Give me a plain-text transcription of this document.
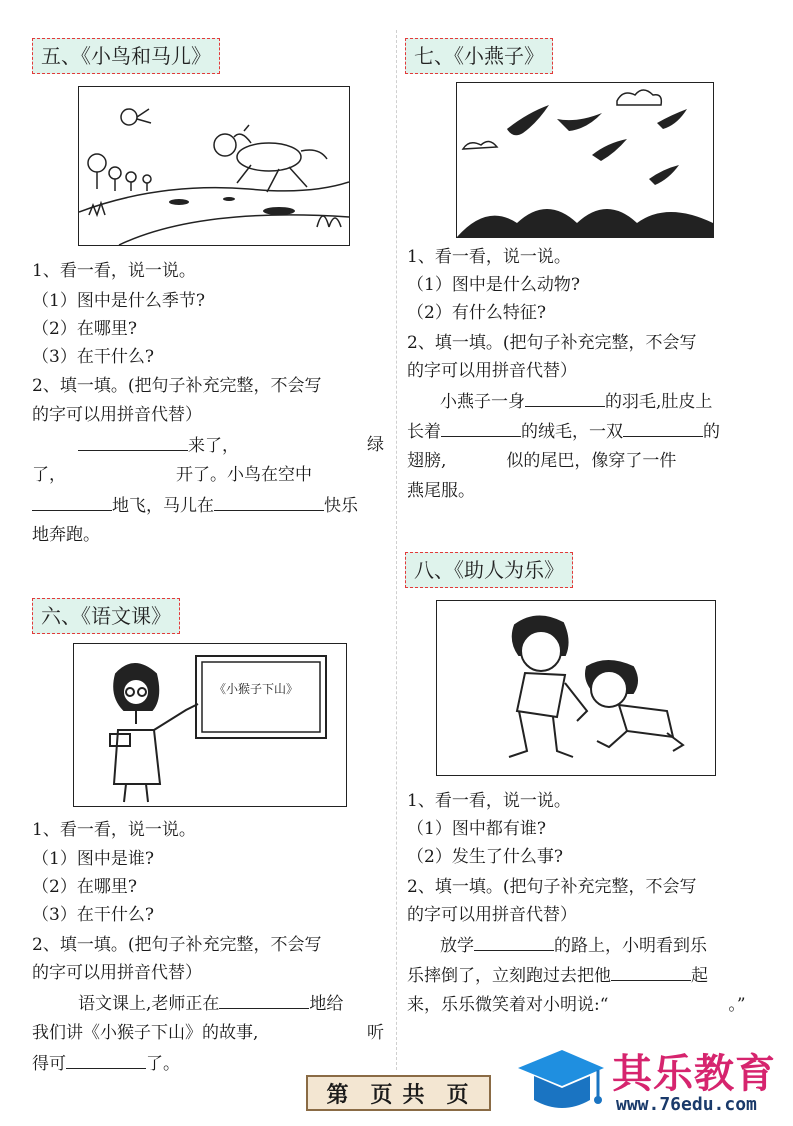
五、《小鸟和马儿》
1、看一看，说一说。
（1）图中是什么季节?
（2）在哪里?
（3）在干什么?
2、填一填。(把句子补充完整，不会写
的字可以用拼音代替）
来了，	绿
了，	开了。小鸟在空中
地飞，马儿在	快乐
地奔跑。
六、《语文课》
《小猴子下山》
1、看一看，说一说。
（1）图中是谁?
（2）在哪里?
（3）在干什么?
2、填一填。(把句子补充完整，不会写
的字可以用拼音代替）
语文课上,老师正在	地给
我们讲《小猴子下山》的故事,	听
得可	了。
七、《小燕子》
1、看一看，说一说。
（1）图中是什么动物?
（2）有什么特征?
2、填一填。(把句子补充完整，不会写
的字可以用拼音代替）
小燕子一身	的羽毛,肚皮上
长着	的绒毛，一双	的
翅膀,	似的尾巴，像穿了一件
燕尾服。
八、《助人为乐》
1、看一看，说一说。
（1）图中都有谁?
（2）发生了什么事?
2、填一填。(把句子补充完整，不会写
的字可以用拼音代替）
放学	的路上，小明看到乐
乐摔倒了，立刻跑过去把他	起
来，乐乐微笑着对小明说:“	。”
第 页 共 页	其乐教育
www.76edu.com
